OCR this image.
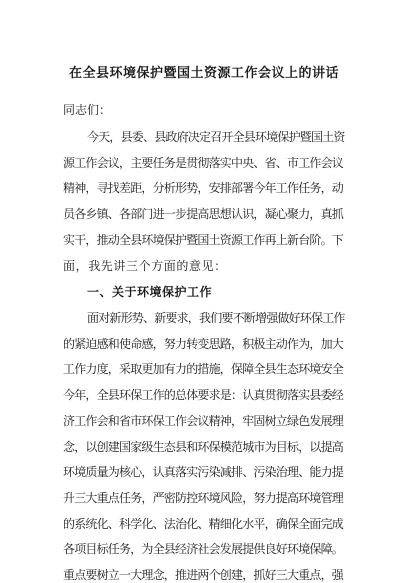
在全县环境保护暨国土资源工作会议上的讲话
同志们：
今天，县委、县政府决定召开全县环境保护暨国土资
源工作会议，主要任务是贯彻落实中央、省、市工作会议
精神，寻找差距，分析形势，安排部署今年工作任务，动
员各乡镇、各部门进一步提高思想认识，凝心聚力，真抓
实干，推动全县环境保护暨国土资源工作再上新台阶。下
面，我先讲三个方面的意见：
一、关于环境保护工作
面对新形势、新要求，我们要不断增强做好环保工作
的紧迫感和使命感，努力转变思路，积极主动作为，加大
工作力度，采取更加有力的措施，保障全县生态环境安全
今年，全县环保工作的总体要求是：认真贯彻落实县委经
济工作会和省市环保工作会议精神，牢固树立绿色发展理
念，以创建国家级生态县和环保模范城市为目标，以提高
环境质量为核心，认真落实污染减排、污染治理、能力提
升三大重点任务，严密防控环境风险，努力提高环境管理
的系统化、科学化、法治化、精细化水平，确保全面完成
各项目标任务，为全县经济社会发展提供良好环境保障。
重点要树立一大理念，推进两个创建，抓好三大重点，强
